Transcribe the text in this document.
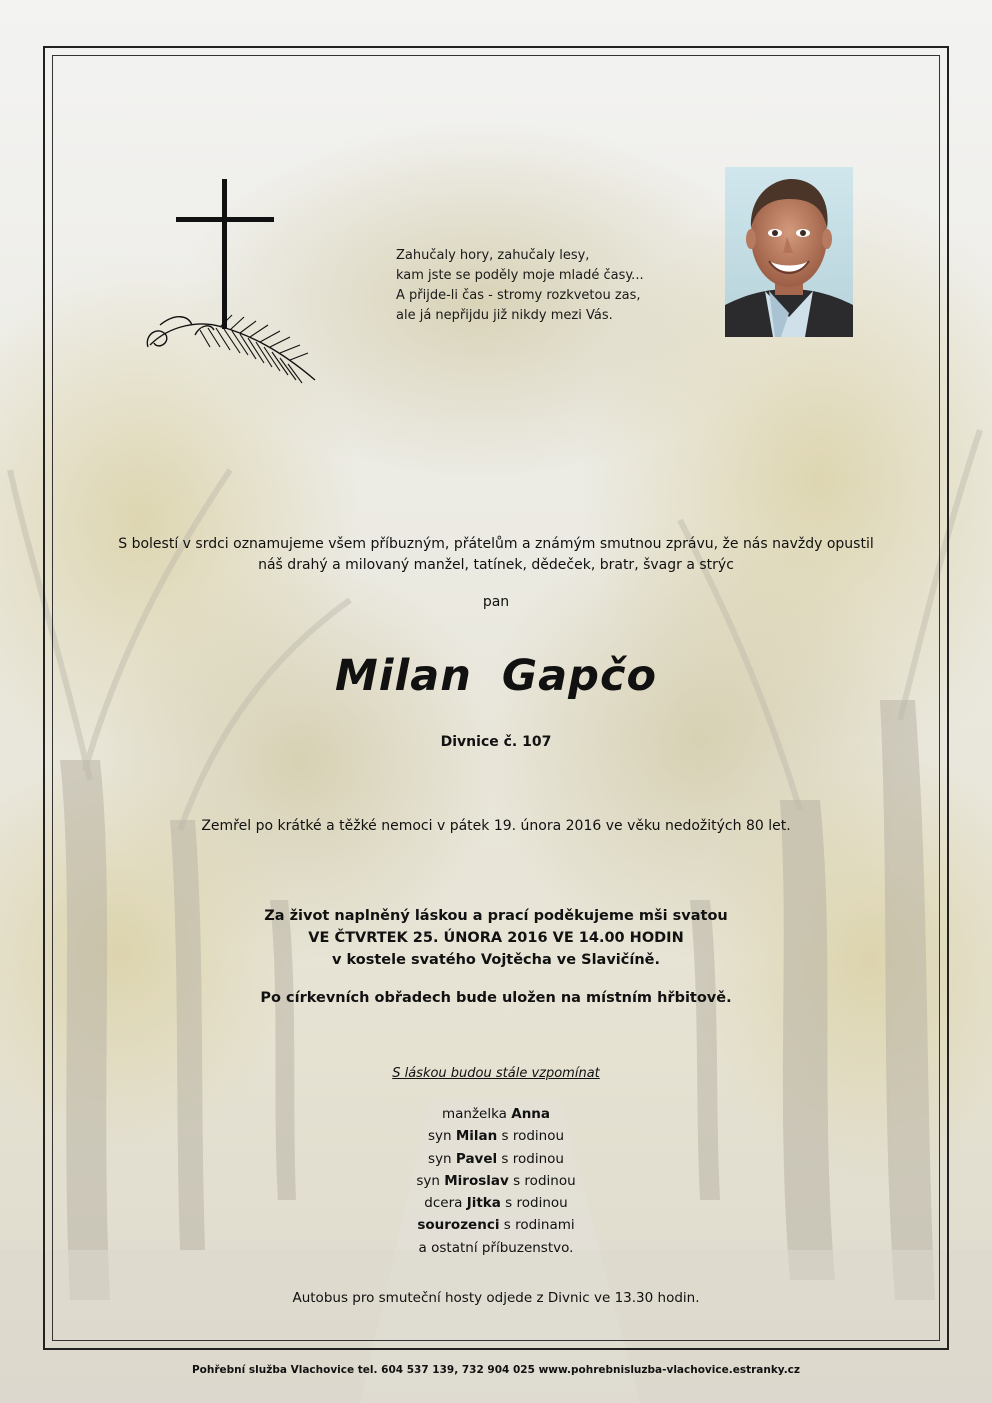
Zahučaly hory, zahučaly lesy,
kam jste se poděly moje mladé časy...
A přijde-li čas - stromy rozkvetou zas,
ale já nepřijdu již nikdy mezi Vás.
S bolestí v srdci oznamujeme všem příbuzným, přátelům a známým smutnou zprávu, že nás navždy opustil
náš drahý a milovaný manžel, tatínek, dědeček, bratr, švagr a strýc
pan
Milan Gapčo
Divnice č. 107
Zemřel po krátké a těžké nemoci v pátek 19. února 2016 ve věku nedožitých 80 let.
Za život naplněný láskou a prací poděkujeme mši svatou
VE ČTVRTEK 25. ÚNORA 2016 VE 14.00 HODIN
v kostele svatého Vojtěcha ve Slavičíně.
Po církevních obřadech bude uložen na místním hřbitově.
S láskou budou stále vzpomínat
manželka Anna
syn Milan s rodinou
syn Pavel s rodinou
syn Miroslav s rodinou
dcera Jitka s rodinou
sourozenci s rodinami
a ostatní příbuzenstvo.
Autobus pro smuteční hosty odjede z Divnic ve 13.30 hodin.
Pohřební služba Vlachovice tel. 604 537 139, 732 904 025 www.pohrebnisluzba-vlachovice.estranky.cz
